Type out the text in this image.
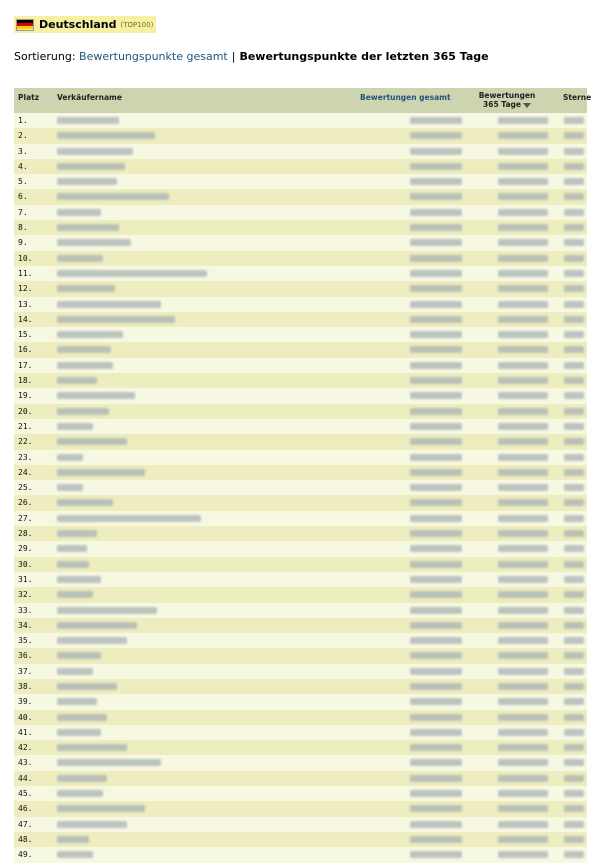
Deutschland (TOP100)
Sortierung: Bewertungspunkte gesamt | Bewertungspunkte der letzten 365 Tage
Platz Verkäufername	Bewertungen gesamt	Bewertungen
365 Tage
Sterne
1.
2.
3.
4.
5.
6.
7.
8.
9.
10.
11.
12.
13.
14.
15.
16.
17.
18.
19.
20.
21.
22.
23.
24.
25.
26.
27.
28.
29.
30.
31.
32.
33.
34.
35.
36.
37.
38.
39.
40.
41.
42.
43.
44.
45.
46.
47.
48.
49.
